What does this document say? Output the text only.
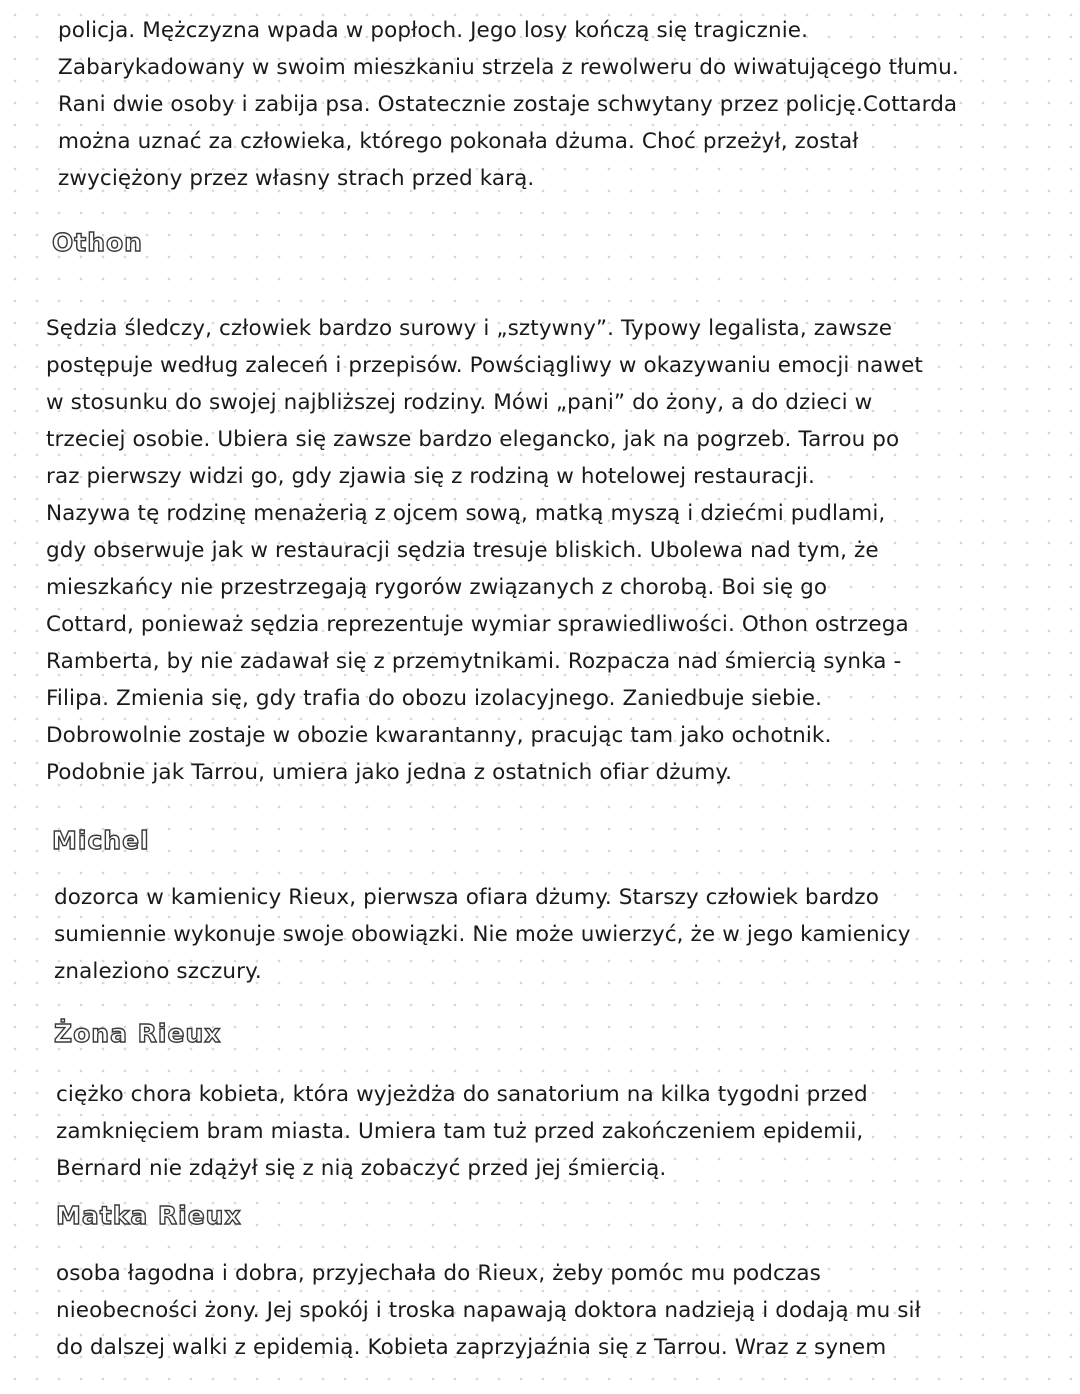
policja. Mężczyzna wpada w popłoch. Jego losy kończą się tragicznie.
Zabarykadowany w swoim mieszkaniu strzela z rewolweru do wiwatującego tłumu.
Rani dwie osoby i zabija psa. Ostatecznie zostaje schwytany przez policję.Cottarda
można uznać za człowieka, którego pokonała dżuma. Choć przeżył, został
zwyciężony przez własny strach przed karą.
Othon
Sędzia śledczy, człowiek bardzo surowy i „sztywny”. Typowy legalista, zawsze
postępuje według zaleceń i przepisów. Powściągliwy w okazywaniu emocji nawet
w stosunku do swojej najbliższej rodziny. Mówi „pani” do żony, a do dzieci w
trzeciej osobie. Ubiera się zawsze bardzo elegancko, jak na pogrzeb. Tarrou po
raz pierwszy widzi go, gdy zjawia się z rodziną w hotelowej restauracji.
Nazywa tę rodzinę menażerią z ojcem sową, matką myszą i dziećmi pudlami,
gdy obserwuje jak w restauracji sędzia tresuje bliskich. Ubolewa nad tym, że
mieszkańcy nie przestrzegają rygorów związanych z chorobą. Boi się go
Cottard, ponieważ sędzia reprezentuje wymiar sprawiedliwości. Othon ostrzega
Ramberta, by nie zadawał się z przemytnikami. Rozpacza nad śmiercią synka -
Filipa. Zmienia się, gdy trafia do obozu izolacyjnego. Zaniedbuje siebie.
Dobrowolnie zostaje w obozie kwarantanny, pracując tam jako ochotnik.
Podobnie jak Tarrou, umiera jako jedna z ostatnich ofiar dżumy.
Michel
dozorca w kamienicy Rieux, pierwsza ofiara dżumy. Starszy człowiek bardzo
sumiennie wykonuje swoje obowiązki. Nie może uwierzyć, że w jego kamienicy
znaleziono szczury.
Żona Rieux
ciężko chora kobieta, która wyjeżdża do sanatorium na kilka tygodni przed
zamknięciem bram miasta. Umiera tam tuż przed zakończeniem epidemii,
Bernard nie zdążył się z nią zobaczyć przed jej śmiercią.
Matka Rieux
osoba łagodna i dobra, przyjechała do Rieux, żeby pomóc mu podczas
nieobecności żony. Jej spokój i troska napawają doktora nadzieją i dodają mu sił
do dalszej walki z epidemią. Kobieta zaprzyjaźnia się z Tarrou. Wraz z synem
